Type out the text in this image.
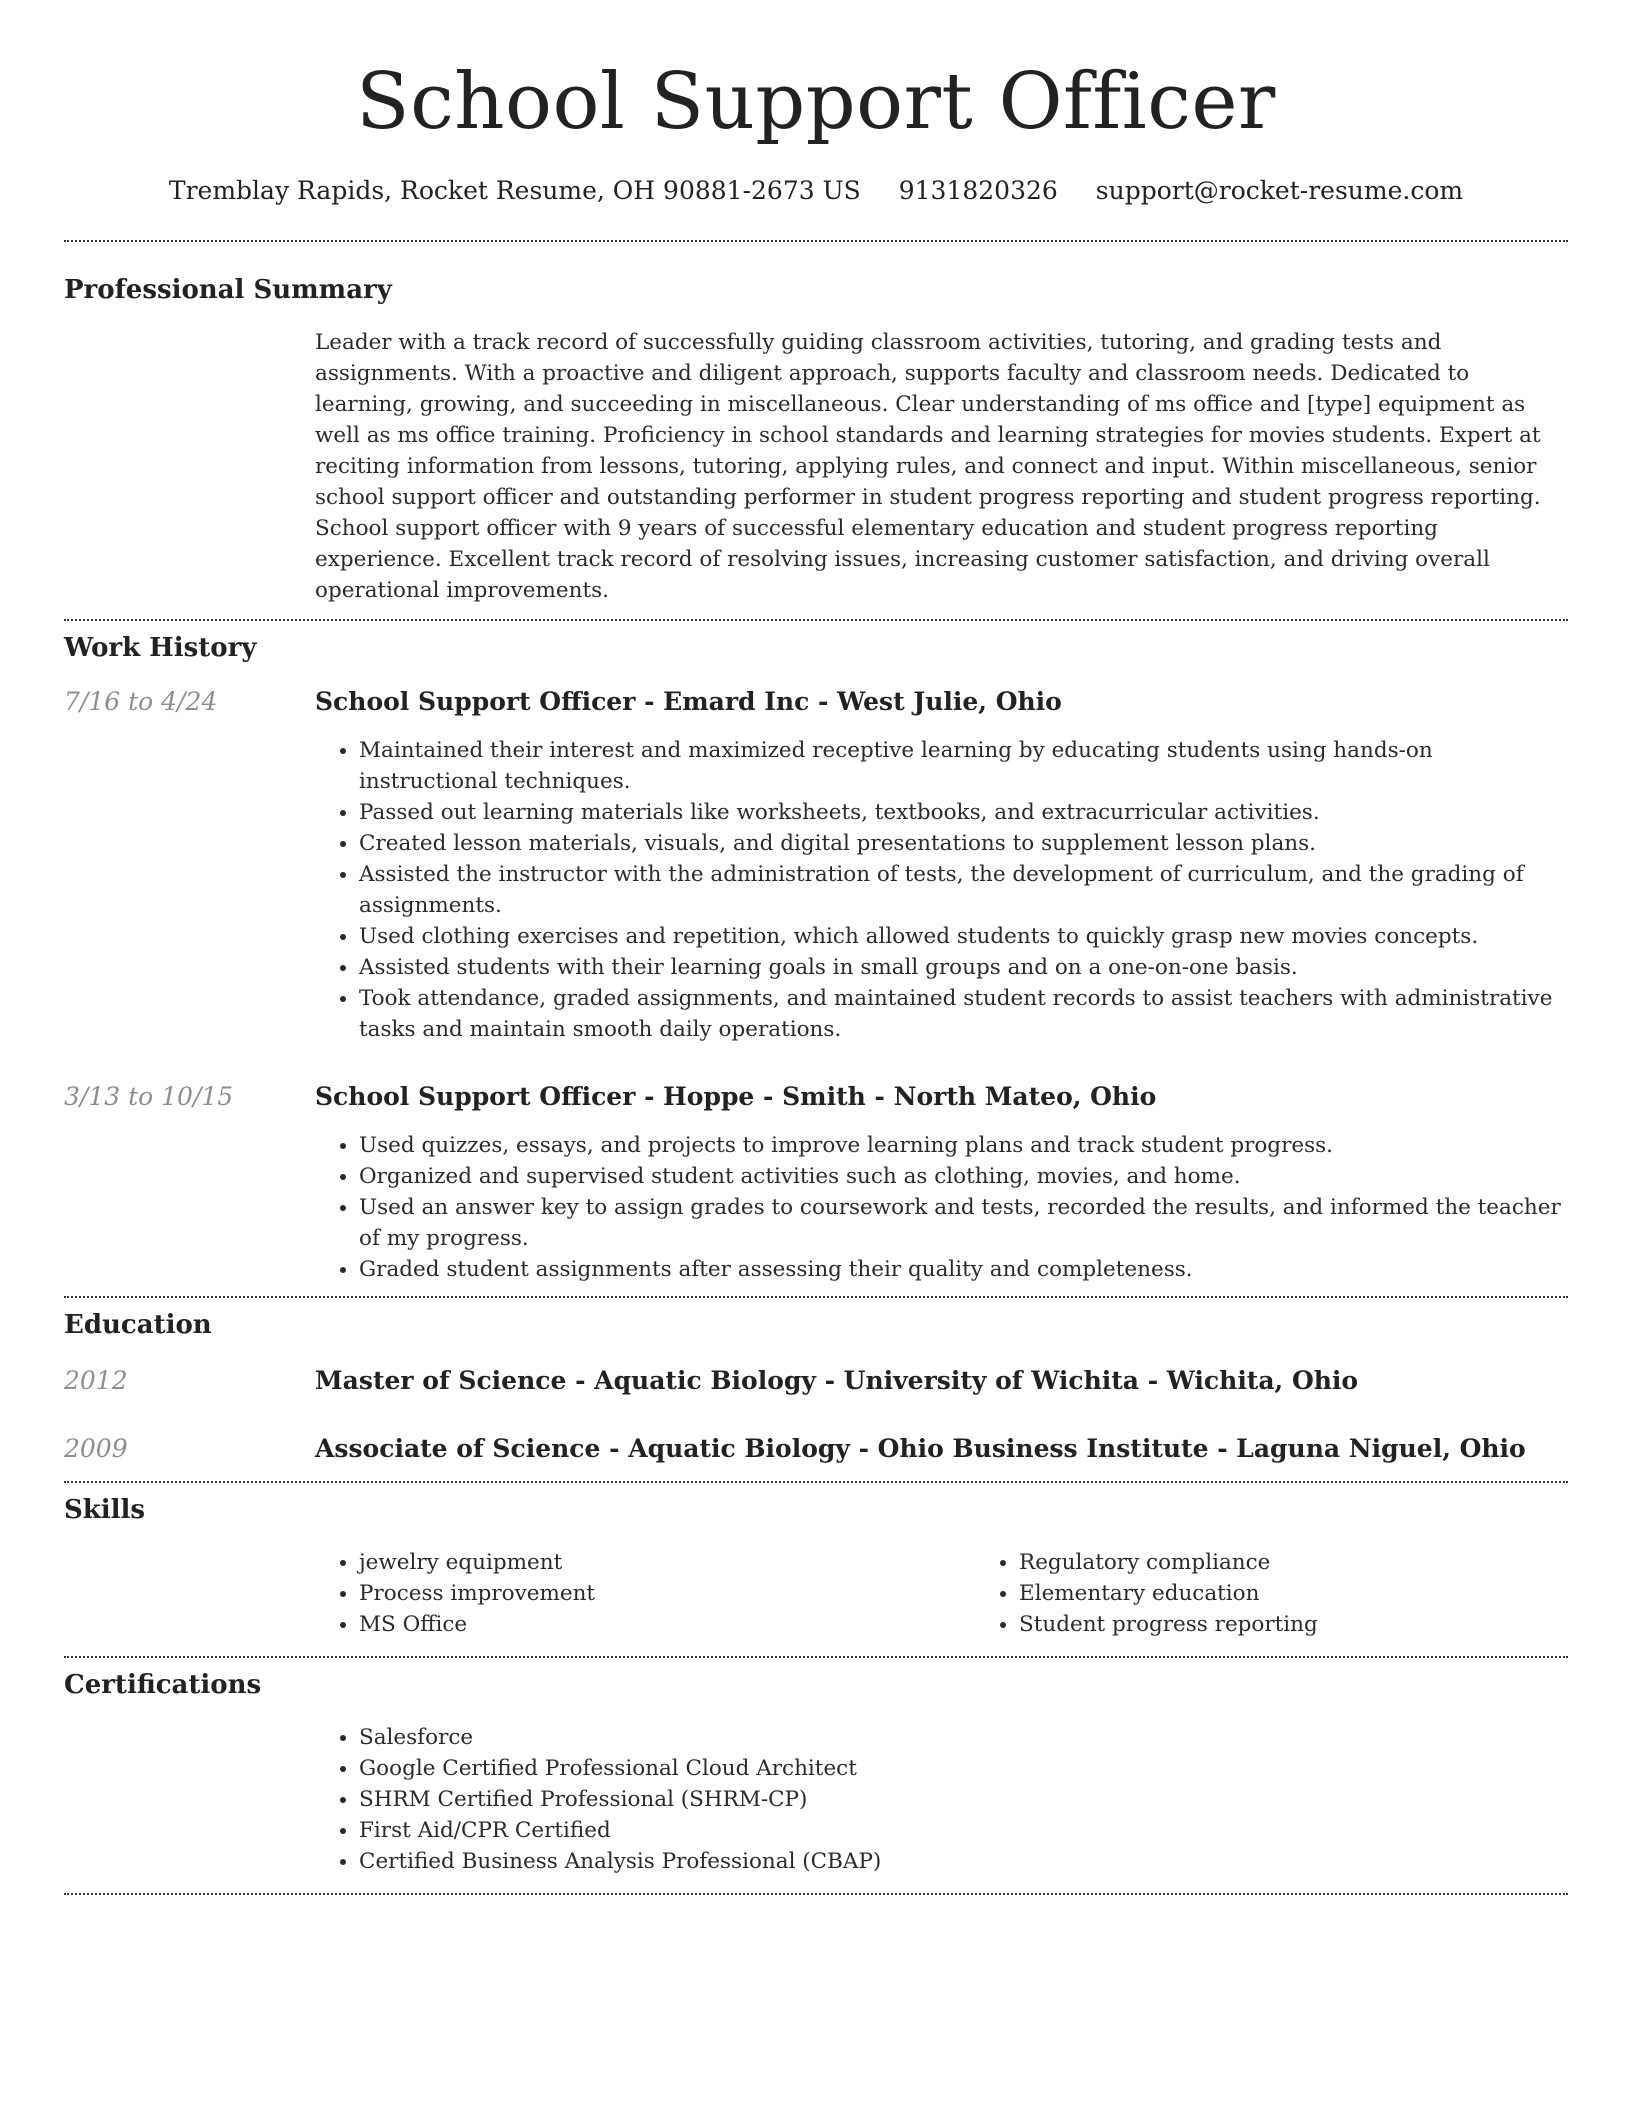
School Support Officer
Tremblay Rapids, Rocket Resume, OH 90881-2673 US 9131820326 support@rocket-resume.com
Professional Summary

Leader with a track record of successfully guiding classroom activities, tutoring, and grading tests and assignments. With a proactive and diligent approach, supports faculty and classroom needs. Dedicated to learning, growing, and succeeding in miscellaneous. Clear understanding of ms office and [type] equipment as well as ms office training. Proficiency in school standards and learning strategies for movies students. Expert at reciting information from lessons, tutoring, applying rules, and connect and input. Within miscellaneous, senior school support officer and outstanding performer in student progress reporting and student progress reporting. School support officer with 9 years of successful elementary education and student progress reporting experience. Excellent track record of resolving issues, increasing customer satisfaction, and driving overall operational improvements.

Work History
7/16 to 4/24	School Support Officer - Emard Inc - West Julie, Ohio
• Maintained their interest and maximized receptive learning by educating students using hands-on instructional techniques.
• Passed out learning materials like worksheets, textbooks, and extracurricular activities.
• Created lesson materials, visuals, and digital presentations to supplement lesson plans.
• Assisted the instructor with the administration of tests, the development of curriculum, and the grading of assignments.
• Used clothing exercises and repetition, which allowed students to quickly grasp new movies concepts.
• Assisted students with their learning goals in small groups and on a one-on-one basis.
• Took attendance, graded assignments, and maintained student records to assist teachers with administrative tasks and maintain smooth daily operations.
3/13 to 10/15	School Support Officer - Hoppe - Smith - North Mateo, Ohio
• Used quizzes, essays, and projects to improve learning plans and track student progress.
• Organized and supervised student activities such as clothing, movies, and home.
• Used an answer key to assign grades to coursework and tests, recorded the results, and informed the teacher of my progress.
• Graded student assignments after assessing their quality and completeness.
Education
2012	Master of Science - Aquatic Biology - University of Wichita - Wichita, Ohio
2009	Associate of Science - Aquatic Biology - Ohio Business Institute - Laguna Niguel, Ohio
Skills
• jewelry equipment
• Process improvement
• MS Office
• Regulatory compliance
• Elementary education
• Student progress reporting
Certifications
• Salesforce
• Google Certified Professional Cloud Architect
• SHRM Certified Professional (SHRM-CP)
• First Aid/CPR Certified
• Certified Business Analysis Professional (CBAP)
